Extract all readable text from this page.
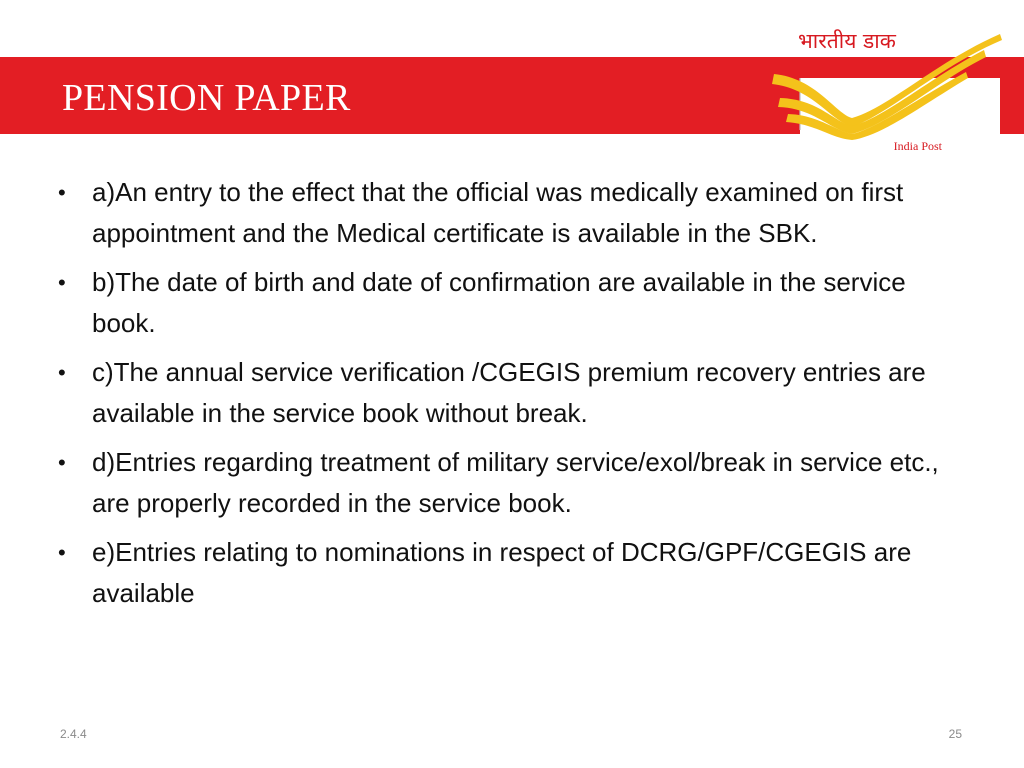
PENSION PAPER
भारतीय डाक
India Post
• a)An entry to the effect that the official was medically examined on first appointment and the Medical certificate is available in the SBK.
• b)The date of birth and date of confirmation are available in the service book.
• c)The annual service verification /CGEGIS premium recovery entries are available in the service book without break.
• d)Entries regarding treatment of military service/exol/break in service etc., are properly recorded in the service book.
• e)Entries relating to nominations in respect of DCRG/GPF/CGEGIS are available
2.4.4	25
